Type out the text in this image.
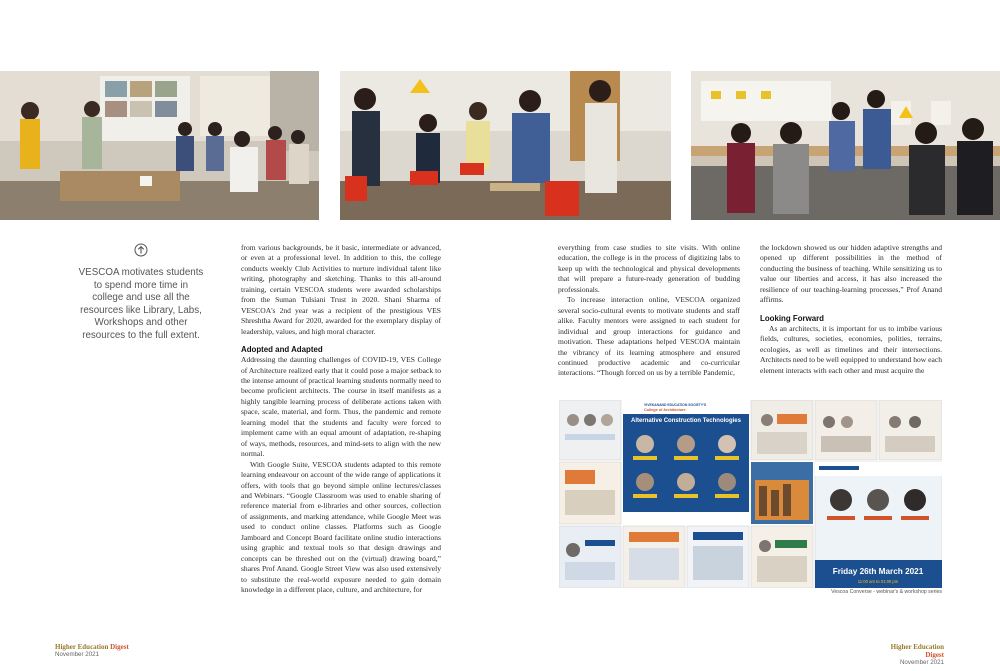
VESCOA motivates students to spend more time in college and use all the resources like Library, Labs, Workshops and other resources to the full extent.

from various backgrounds, be it basic, intermediate or advanced, or even at a professional level. In addition to this, the college conducts weekly Club Activities to nurture individual talent like writing, photography and sketching. Thanks to this all-around training, certain VESCOA students were awarded scholarships from the Suman Tulsiani Trust in 2020. Shani Sharma of VESCOA's 2nd year was a recipient of the prestigious VES Shreshtha Award for 2020, awarded for the exemplary display of leadership, values, and high moral character.

Adopted and Adapted

Addressing the daunting challenges of COVID-19, VES College of Architecture realized early that it could pose a major setback to the intense amount of practical learning students normally need to become proficient architects. The course in itself manifests as a highly tangible learning process of deliberate actions taken with space, scale, material, and form. Thus, the pandemic and remote learning model that the students and faculty were forced to implement came with an equal amount of adaptation, re-shaping of ways, methods, resources, and mind-sets to align with the new normal.

With Google Suite, VESCOA students adapted to this remote learning endeavour on account of the wide range of applications it offers, with tools that go beyond simple online lectures/classes and Webinars. “Google Classroom was used to enable sharing of reference material from e-libraries and other sources, collection of assignments, and marking attendance, while Google Meet was used to conduct online classes. Platforms such as Google Jamboard and Concept Board facilitate online studio interactions using graphic and textual tools so that design drawings and concepts can be threshed out on the (virtual) drawing board,” shares Prof Anand. Google Street View was also used extensively to substitute the real-world exposure needed to gain domain knowledge in a different place, culture, and architecture, for

everything from case studies to site visits. With online education, the college is in the process of digitizing labs to keep up with the technological and physical developments that will prepare a future-ready generation of budding professionals.

To increase interaction online, VESCOA organized several socio-cultural events to motivate students and staff alike. Faculty mentors were assigned to each student for individual and group interactions for guidance and motivation. These adaptations helped VESCOA maintain the vibrancy of its learning atmosphere and ensured continued productive academic and co-curricular interactions. “Though forced on us by a terrible Pandemic,

the lockdown showed us our hidden adaptive strengths and opened up different possibilities in the method of conducting the business of teaching. While sensitizing us to value our liberties and access, it has also increased the resilience of our teaching-learning processes,” Prof Anand affirms.

Looking Forward

As an architects, it is important for us to imbibe various fields, cultures, societies, economies, polities, terrains, ecologies, as well as timelines and their intersections. Architects need to be well equipped to understand how each element interacts with each other and must acquire the

VIVEKANAND EDUCATION SOCIETY'S
College of Architecture
Alternative Construction Technologies
Friday 26th March 2021
11:00 am to 01:00 pm
Vescoa Converse - webinar's & workshop series
Higher Education Digest
November 2021
Higher Education Digest
November 2021
